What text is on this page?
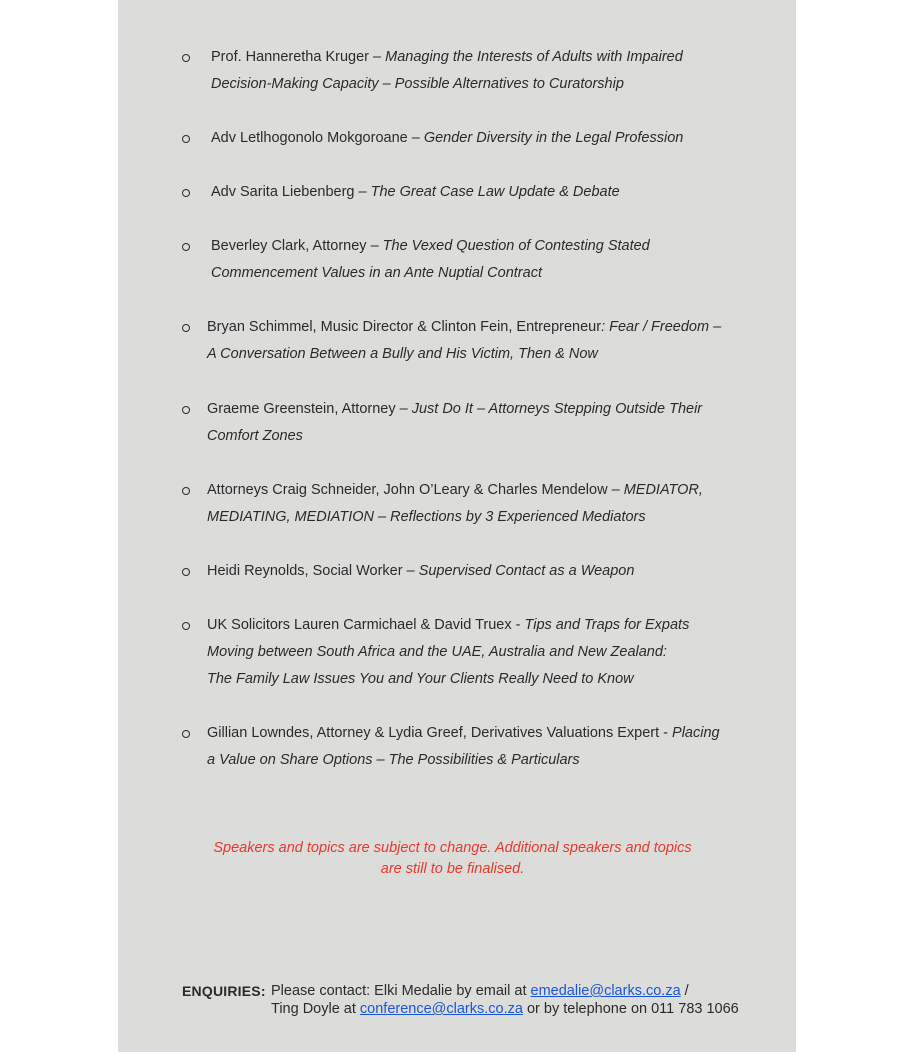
Prof. Hanneretha Kruger – Managing the Interests of Adults with Impaired
Decision-Making Capacity – Possible Alternatives to Curatorship
Adv Letlhogonolo Mokgoroane – Gender Diversity in the Legal Profession
Adv Sarita Liebenberg – The Great Case Law Update & Debate
Beverley Clark, Attorney – The Vexed Question of Contesting Stated
Commencement Values in an Ante Nuptial Contract
Bryan Schimmel, Music Director & Clinton Fein, Entrepreneur: Fear / Freedom –
A Conversation Between a Bully and His Victim, Then & Now
Graeme Greenstein, Attorney – Just Do It – Attorneys Stepping Outside Their
Comfort Zones
Attorneys Craig Schneider, John O’Leary & Charles Mendelow – MEDIATOR,
MEDIATING, MEDIATION – Reflections by 3 Experienced Mediators
Heidi Reynolds, Social Worker – Supervised Contact as a Weapon
UK Solicitors Lauren Carmichael & David Truex - Tips and Traps for Expats
Moving between South Africa and the UAE, Australia and New Zealand:
The Family Law Issues You and Your Clients Really Need to Know
Gillian Lowndes, Attorney & Lydia Greef, Derivatives Valuations Expert - Placing
a Value on Share Options – The Possibilities & Particulars
Speakers and topics are subject to change. Additional speakers and topics
are still to be finalised.
ENQUIRIES: Please contact: Elki Medalie by email at emedalie@clarks.co.za /
Ting Doyle at conference@clarks.co.za or by telephone on 011 783 1066
